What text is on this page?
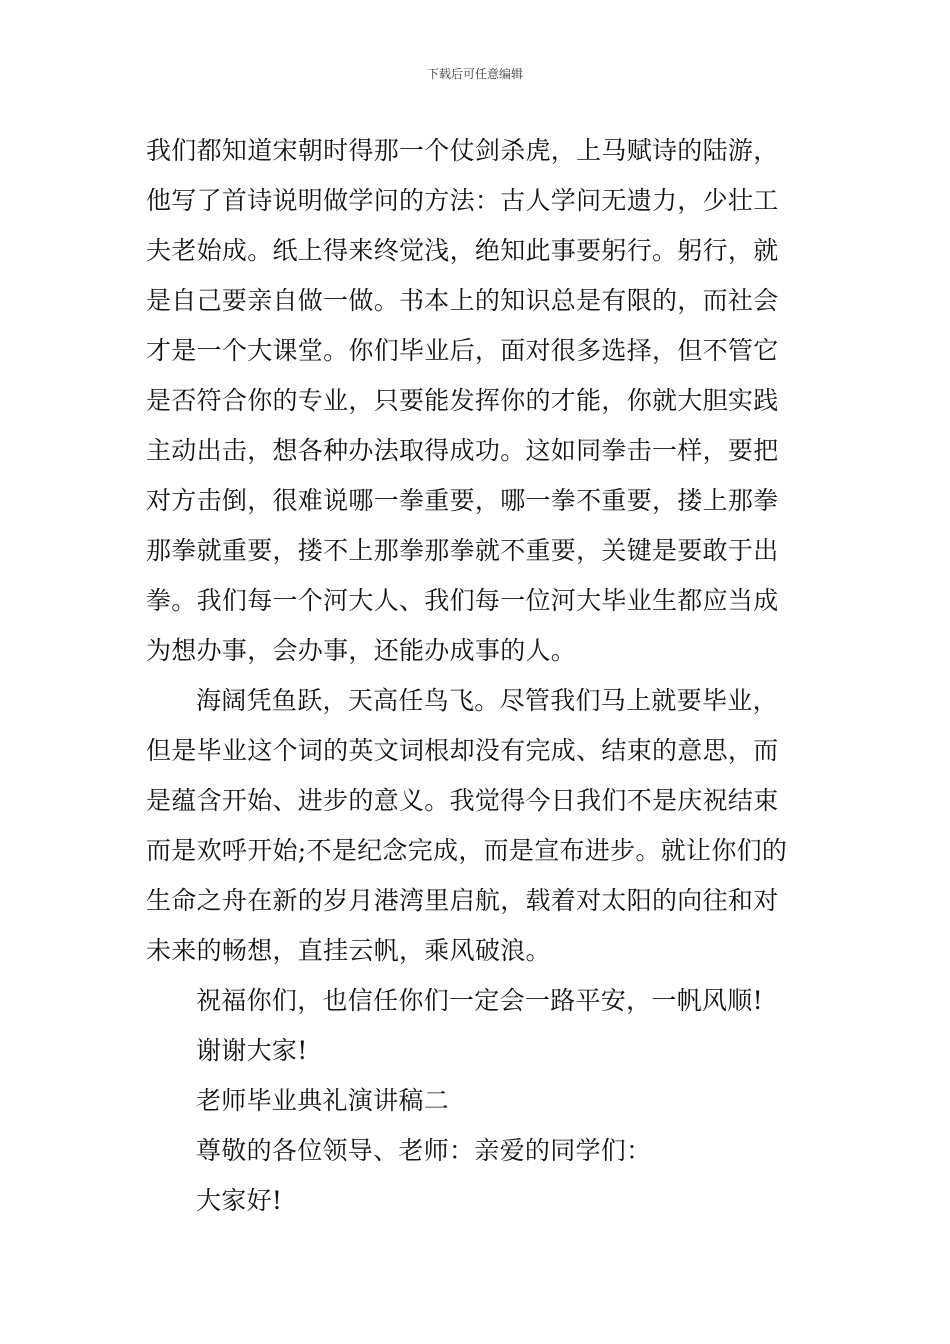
下载后可任意编辑
我们都知道宋朝时得那一个仗剑杀虎，上马赋诗的陆游，
他写了首诗说明做学问的方法：古人学问无遗力，少壮工
夫老始成。纸上得来终觉浅，绝知此事要躬行。躬行，就
是自己要亲自做一做。书本上的知识总是有限的，而社会
才是一个大课堂。你们毕业后，面对很多选择，但不管它
是否符合你的专业，只要能发挥你的才能，你就大胆实践
主动出击，想各种办法取得成功。这如同拳击一样，要把
对方击倒，很难说哪一拳重要，哪一拳不重要，搂上那拳
那拳就重要，搂不上那拳那拳就不重要，关键是要敢于出
拳。我们每一个河大人、我们每一位河大毕业生都应当成
为想办事，会办事，还能办成事的人。
海阔凭鱼跃，天高任鸟飞。尽管我们马上就要毕业，
但是毕业这个词的英文词根却没有完成、结束的意思，而
是蕴含开始、进步的意义。我觉得今日我们不是庆祝结束
而是欢呼开始;不是纪念完成，而是宣布进步。就让你们的
生命之舟在新的岁月港湾里启航，载着对太阳的向往和对
未来的畅想，直挂云帆，乘风破浪。
祝福你们，也信任你们一定会一路平安，一帆风顺!
谢谢大家!
老师毕业典礼演讲稿二
尊敬的各位领导、老师：亲爱的同学们：
大家好!
